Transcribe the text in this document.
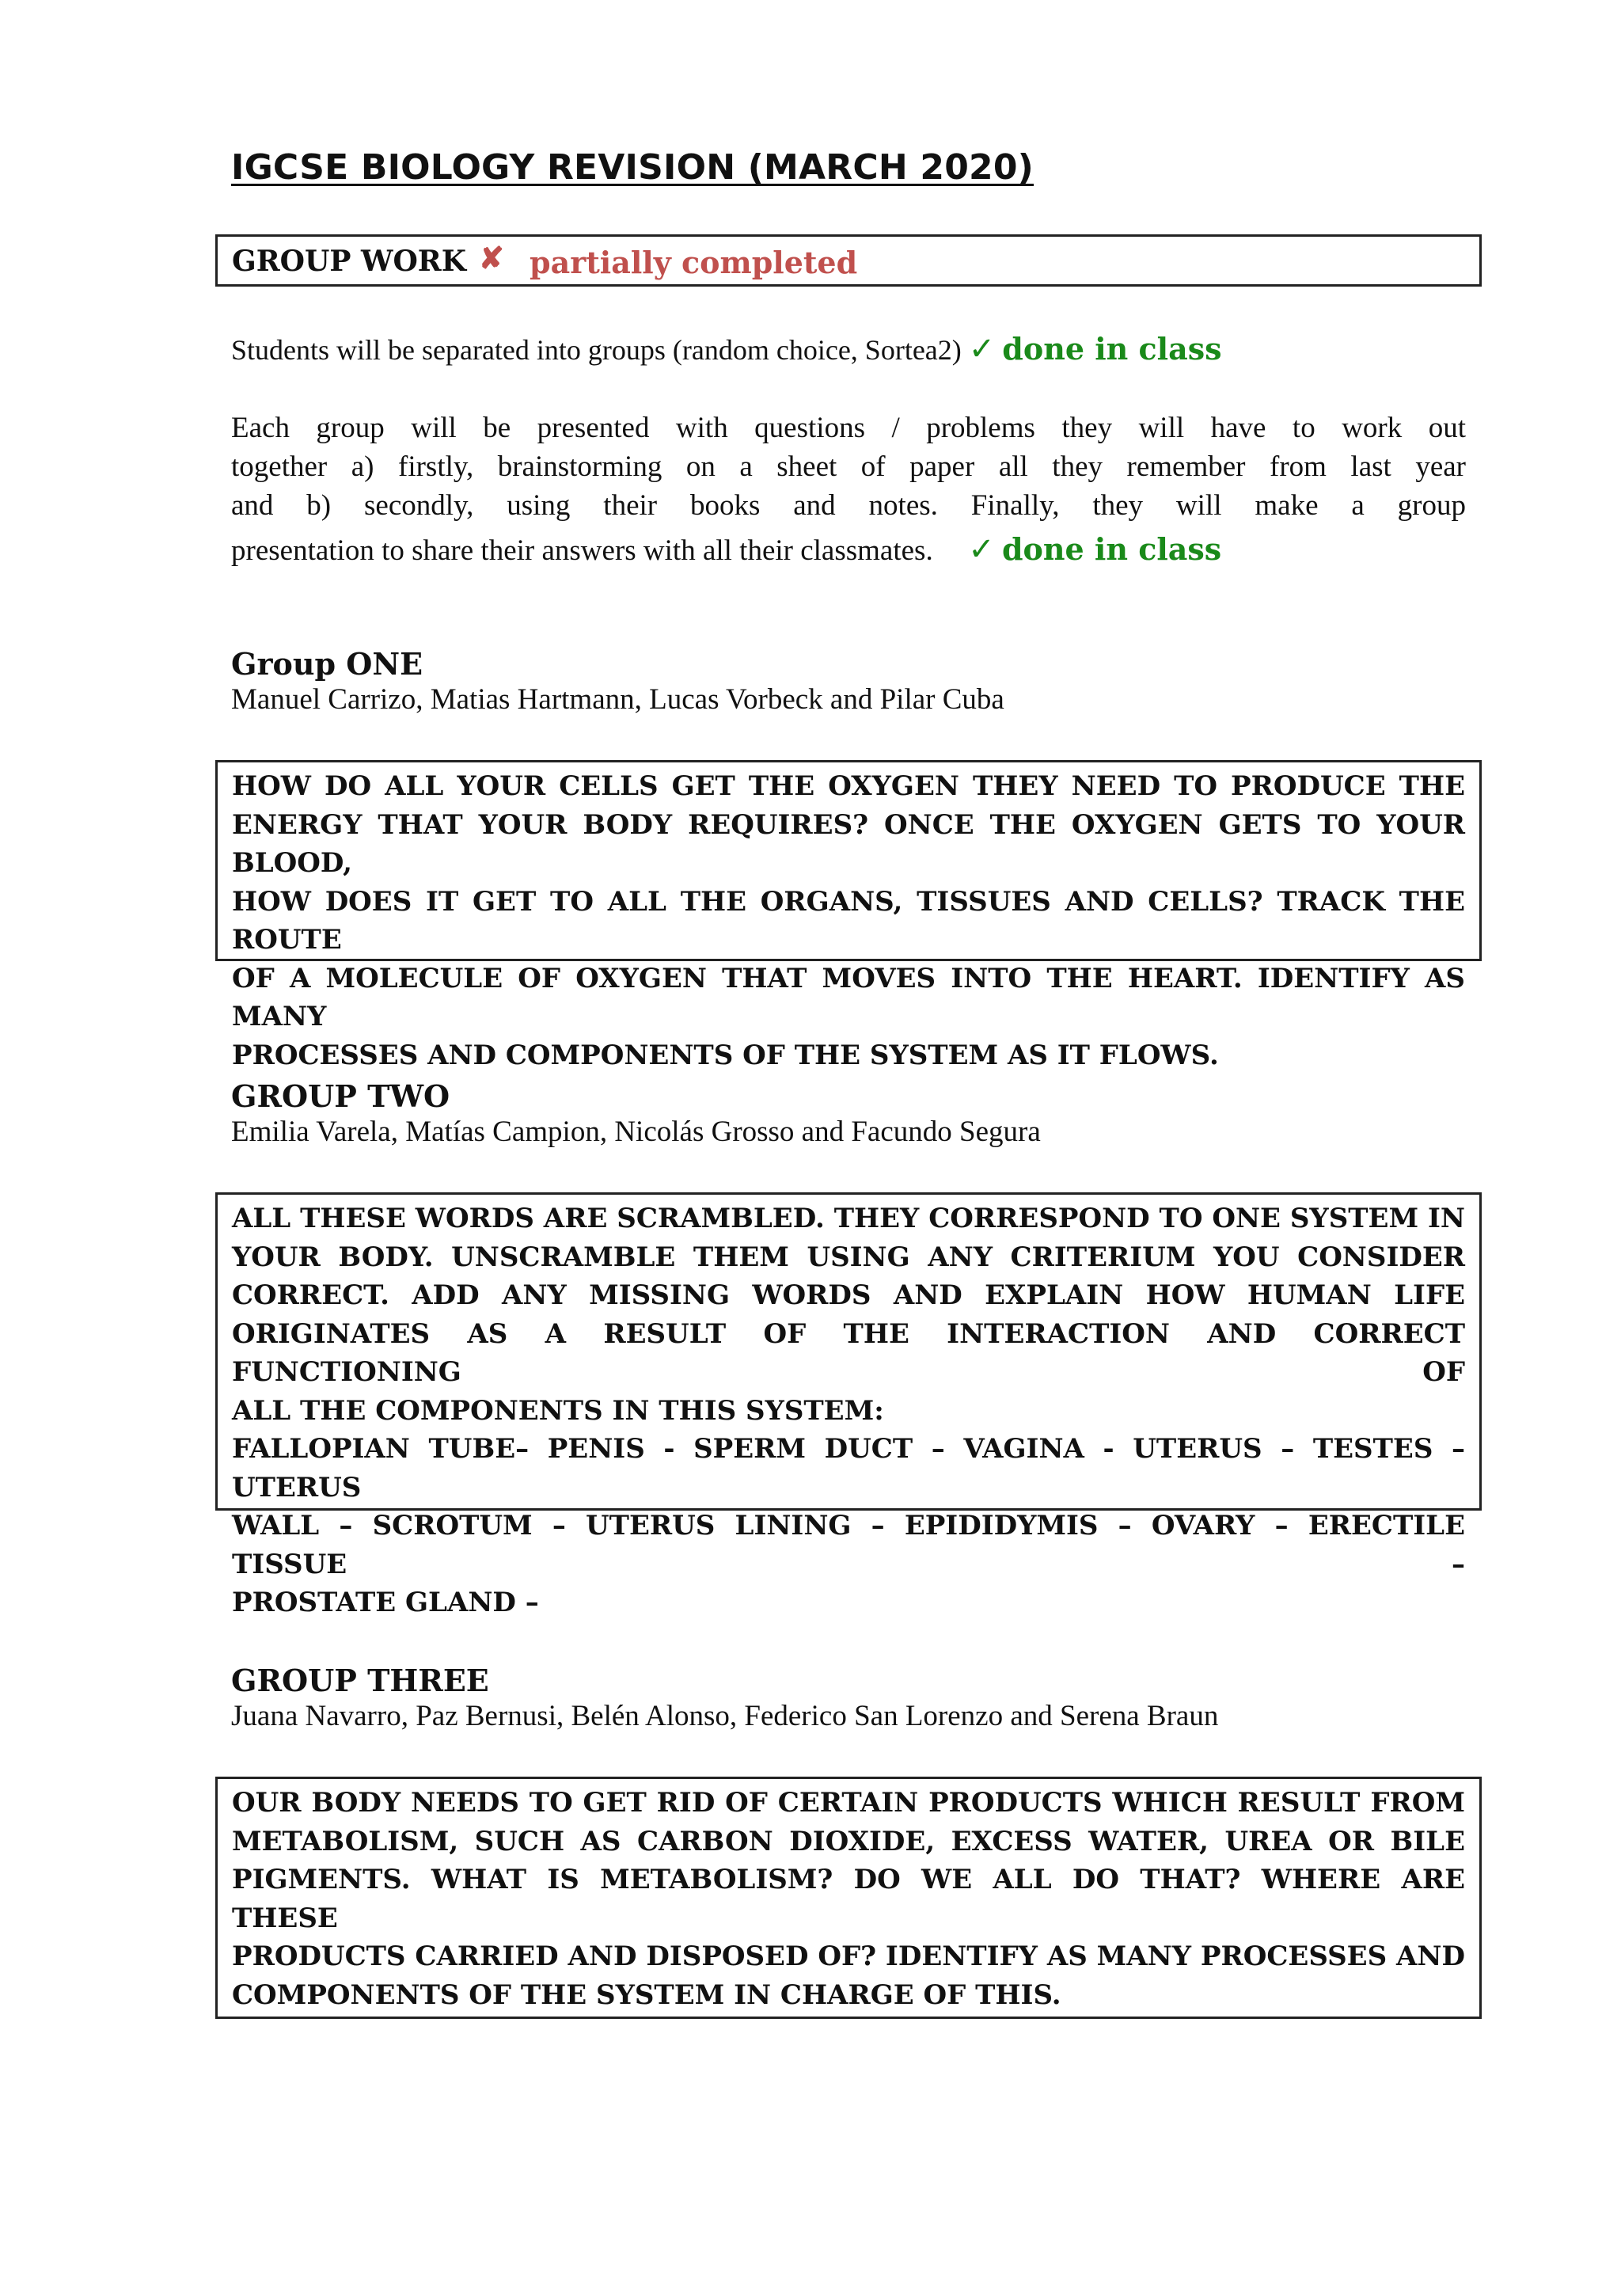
IGCSE BIOLOGY REVISION (MARCH 2020)
GROUP WORK ✘ partially completed
Students will be separated into groups (random choice, Sortea2) ✓ done in class
Each group will be presented with questions / problems they will have to work out
together a) firstly, brainstorming on a sheet of paper all they remember from last year
and b) secondly, using their books and notes. Finally, they will make a group
presentation to share their answers with all their classmates. ✓ done in class
Group ONE
Manuel Carrizo, Matias Hartmann, Lucas Vorbeck and Pilar Cuba
HOW DO ALL YOUR CELLS GET THE OXYGEN THEY NEED TO PRODUCE THE
ENERGY THAT YOUR BODY REQUIRES? ONCE THE OXYGEN GETS TO YOUR BLOOD,
HOW DOES IT GET TO ALL THE ORGANS, TISSUES AND CELLS? TRACK THE ROUTE
OF A MOLECULE OF OXYGEN THAT MOVES INTO THE HEART. IDENTIFY AS MANY
PROCESSES AND COMPONENTS OF THE SYSTEM AS IT FLOWS.
GROUP TWO
Emilia Varela, Matías Campion, Nicolás Grosso and Facundo Segura
ALL THESE WORDS ARE SCRAMBLED. THEY CORRESPOND TO ONE SYSTEM IN
YOUR BODY. UNSCRAMBLE THEM USING ANY CRITERIUM YOU CONSIDER
CORRECT. ADD ANY MISSING WORDS AND EXPLAIN HOW HUMAN LIFE
ORIGINATES AS A RESULT OF THE INTERACTION AND CORRECT FUNCTIONING OF
ALL THE COMPONENTS IN THIS SYSTEM:
FALLOPIAN TUBE– PENIS - SPERM DUCT – VAGINA - UTERUS – TESTES – UTERUS
WALL – SCROTUM – UTERUS LINING – EPIDIDYMIS – OVARY – ERECTILE TISSUE –
PROSTATE GLAND –
GROUP THREE
Juana Navarro, Paz Bernusi, Belén Alonso, Federico San Lorenzo and Serena Braun
OUR BODY NEEDS TO GET RID OF CERTAIN PRODUCTS WHICH RESULT FROM
METABOLISM, SUCH AS CARBON DIOXIDE, EXCESS WATER, UREA OR BILE
PIGMENTS. WHAT IS METABOLISM? DO WE ALL DO THAT? WHERE ARE THESE
PRODUCTS CARRIED AND DISPOSED OF? IDENTIFY AS MANY PROCESSES AND
COMPONENTS OF THE SYSTEM IN CHARGE OF THIS.
